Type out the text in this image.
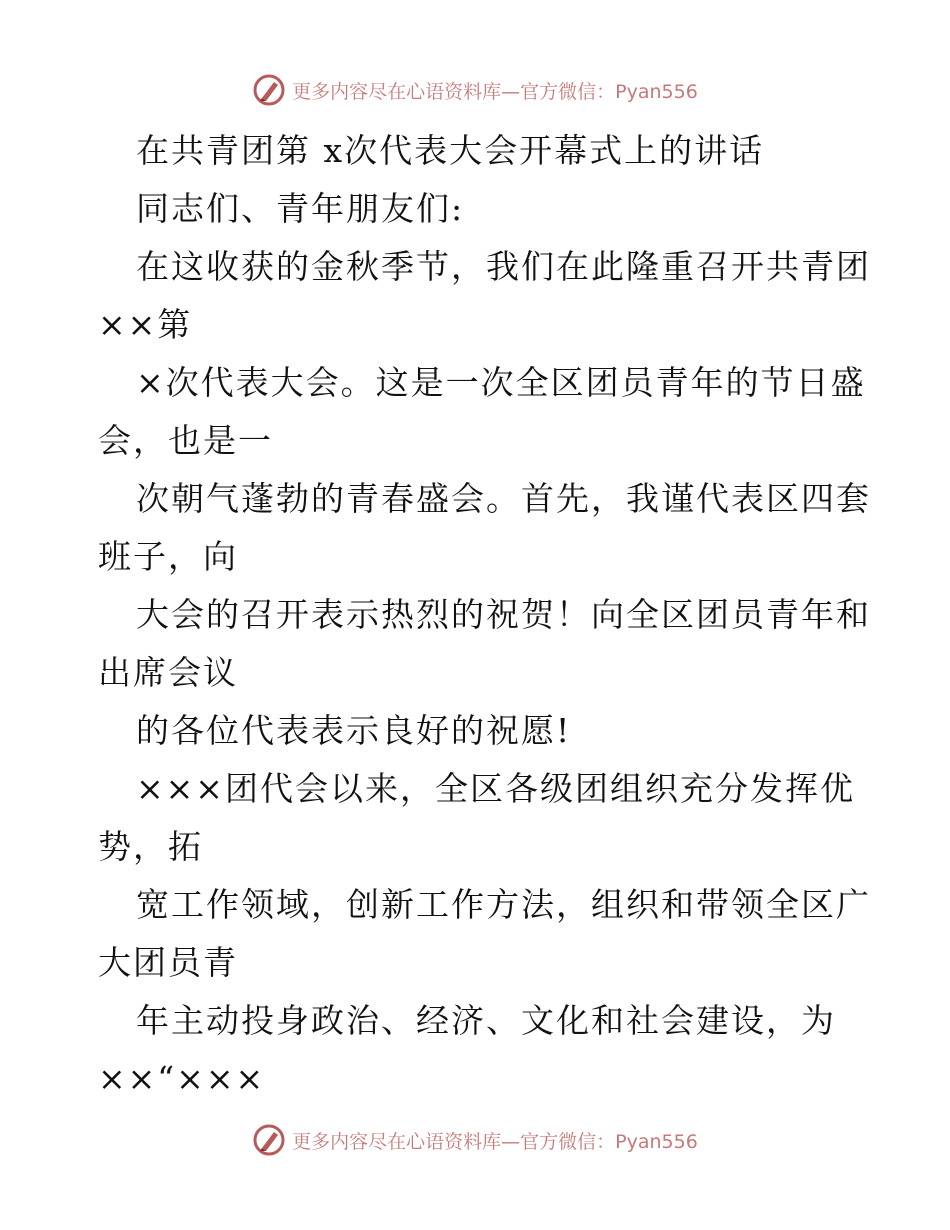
更多内容尽在心语资料库—官方微信：Pyan556
在共青团第 x次代表大会开幕式上的讲话
同志们、青年朋友们:
在这收获的金秋季节，我们在此隆重召开共青团
××第
×次代表大会。这是一次全区团员青年的节日盛
会，也是一
次朝气蓬勃的青春盛会。首先，我谨代表区四套
班子，向
大会的召开表示热烈的祝贺！向全区团员青年和
出席会议
的各位代表表示良好的祝愿!
×××团代会以来，全区各级团组织充分发挥优
势，拓
宽工作领域，创新工作方法，组织和带领全区广
大团员青
年主动投身政治、经济、文化和社会建设，为
××“×××
更多内容尽在心语资料库—官方微信：Pyan556
